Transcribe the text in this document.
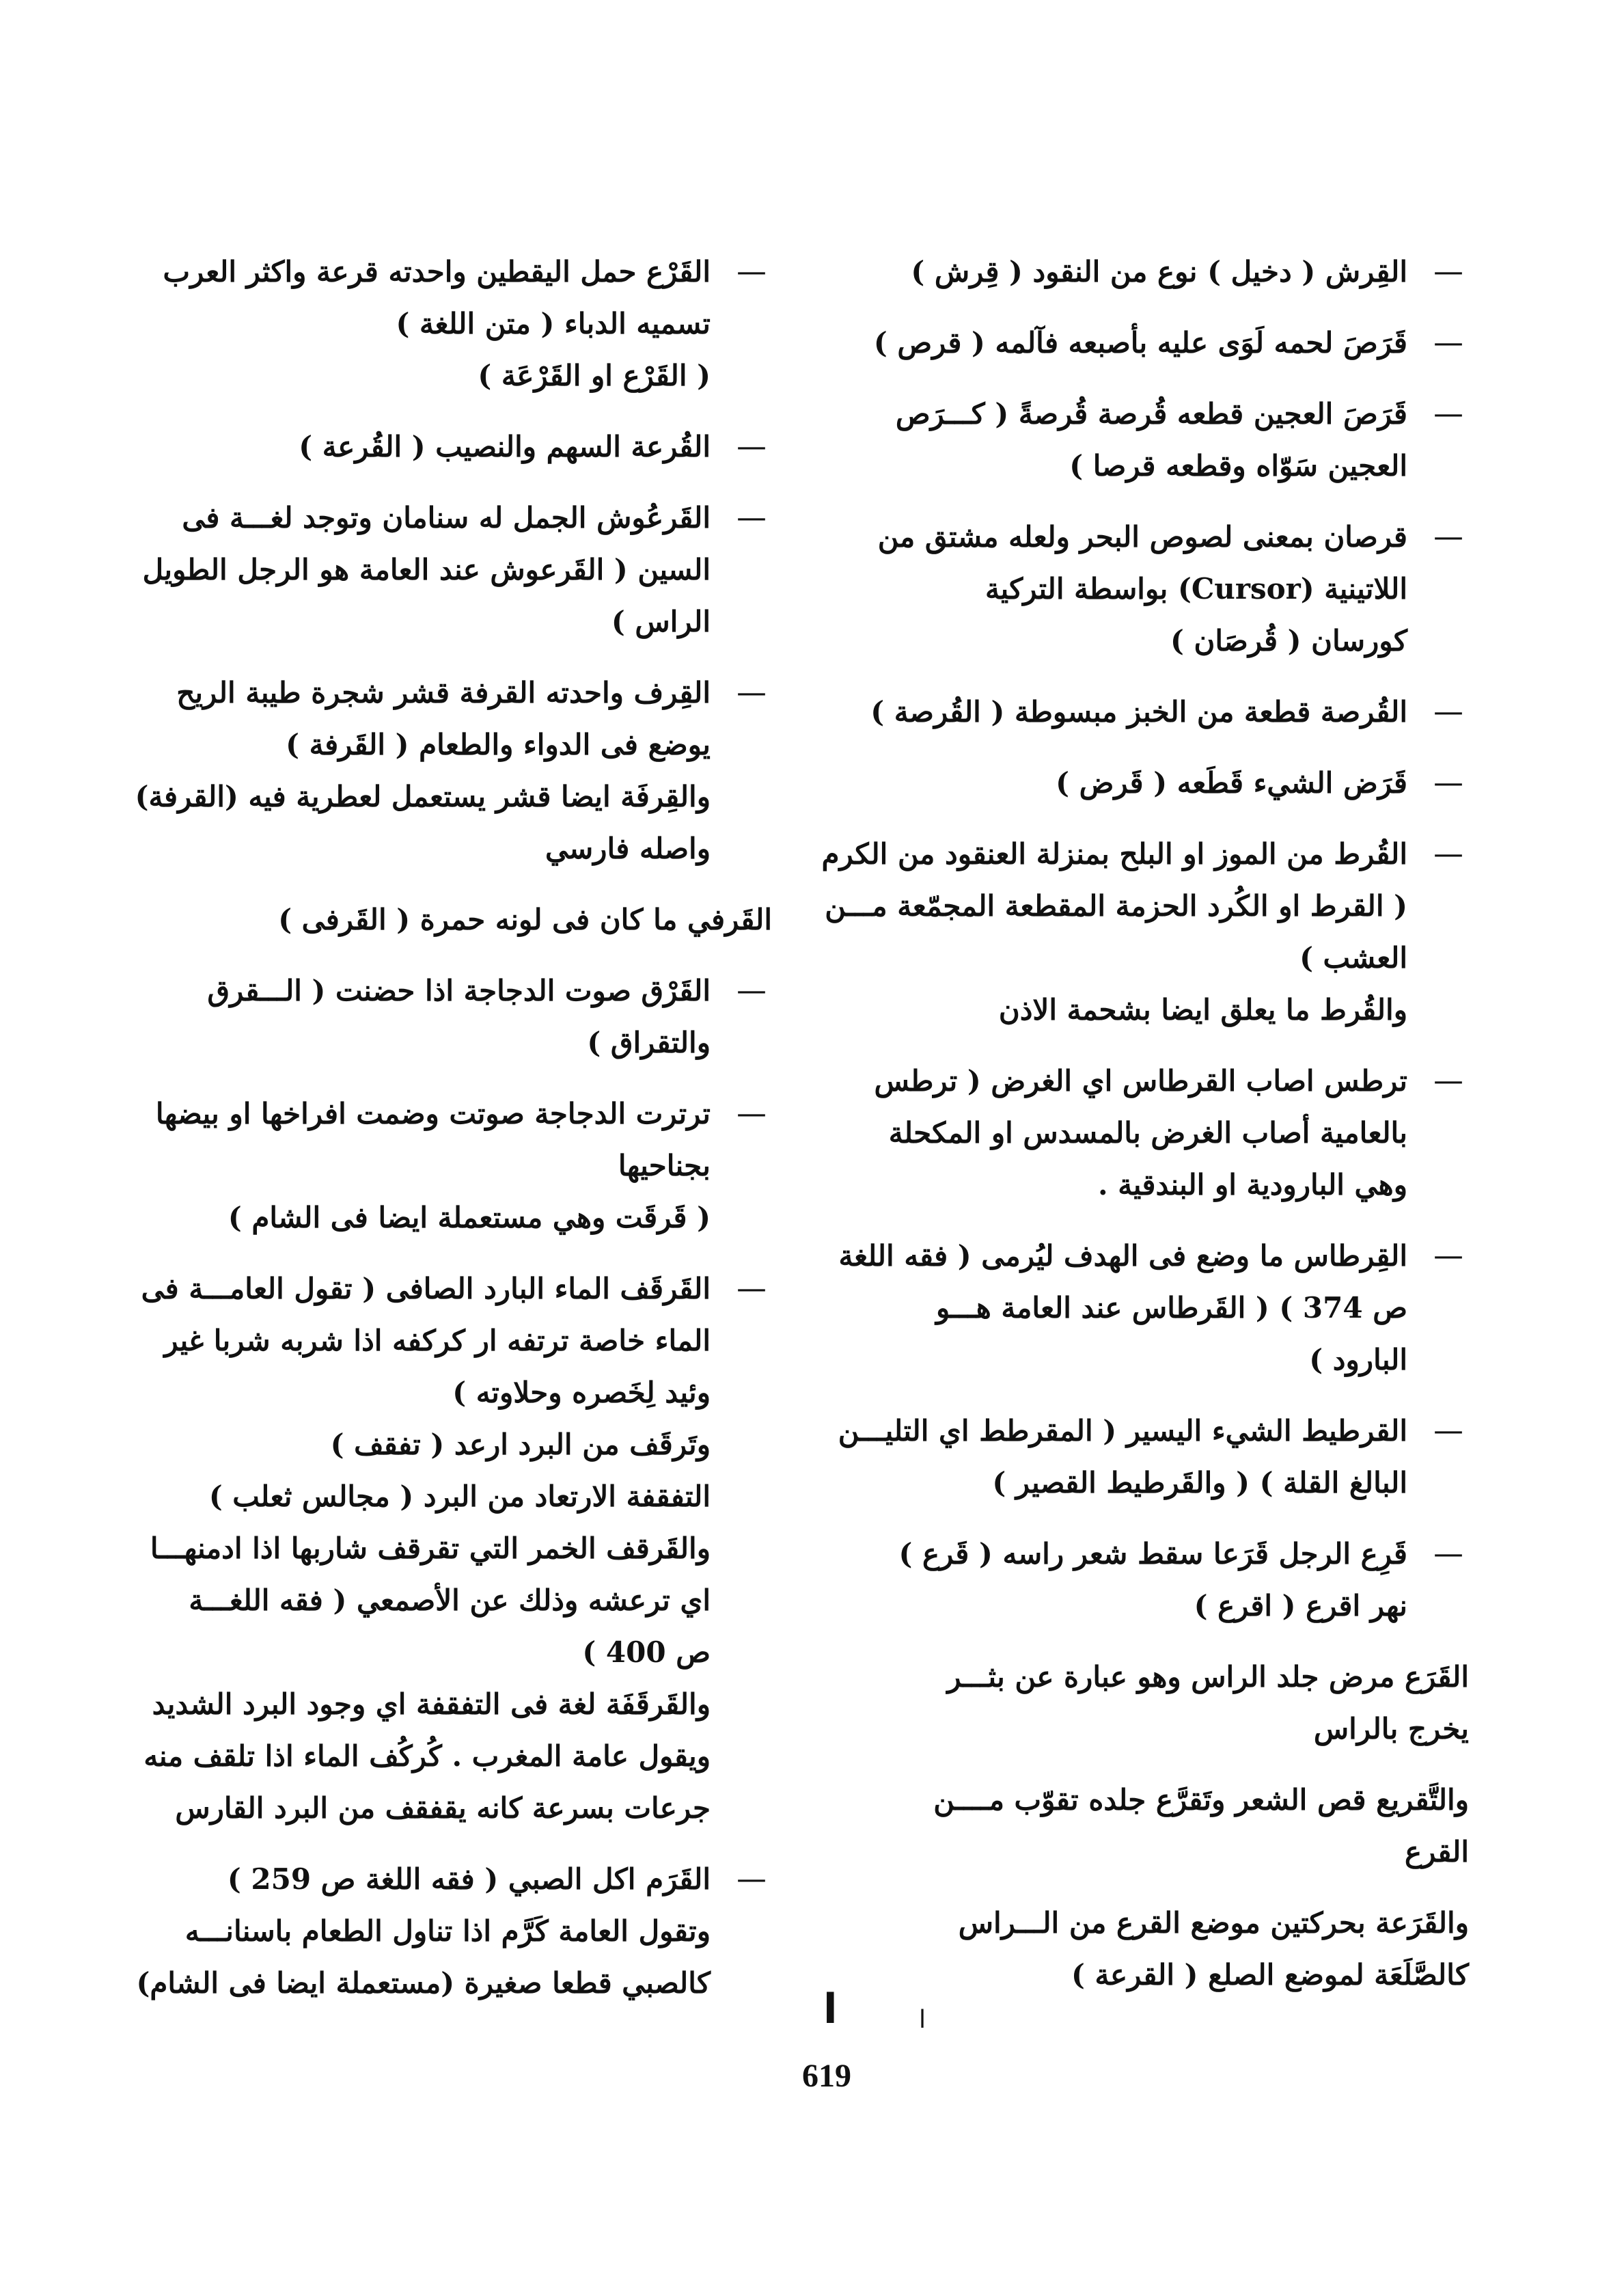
—
القِرش ( دخيل ) نوع من النقود ( قِرش )
—
قَرَصَ لحمه لَوَى عليه بأصبعه فآلمه ( قرص )
—
قَرَصَ العجين قطعه قُرصة قُرصةً ( كـــرَص
العجين سَوّاه وقطعه قرصا )
—
قرصان بمعنى لصوص البحر ولعله مشتق من
اللاتينية (Cursor) بواسطة التركية
كورسان ( قُرصَان )
—
القُرصة قطعة من الخبز مبسوطة ( القُرصة )
—
قَرَض الشيء قَطَعه ( قَرض )
—
القُرط من الموز او البلح بمنزلة العنقود من الكرم
( القرط او الكُرد الحزمة المقطعة المجمّعة مـــن
العشب )
والقُرط ما يعلق ايضا بشحمة الاذن
—
ترطس اصاب القرطاس اي الغرض ( ترطس
بالعامية أصاب الغرض بالمسدس او المكحلة
وهي البارودية او البندقية .
—
القِرطاس ما وضع فى الهدف ليُرمى ( فقه اللغة
ص 374 ) ( القَرطاس عند العامة هـــو
البارود )
—
القرطيط الشيء اليسير ( المقرطط اي التليـــن
البالغ القلة ) ( والقَرطيط القصير )
—
قَرِع الرجل قَرَعا سقط شعر راسه ( قَرع )
نهر اقرع ( اقرع )
القَرَع مرض جلد الراس وهو عبارة عن بثـــر
يخرج بالراس
والتَّقريع قص الشعر وتَقرَّع جلده تقوّب مــــن
القرع
والقَرَعة بحركتين موضع القرع من الـــراس
كالصَّلَعَة لموضع الصلع ( القرعة )
—
القَرْع حمل اليقطين واحدته قرعة واكثر العرب
تسميه الدباء ( متن اللغة )
( القَرْع او القَرْعَة )
—
القُرعة السهم والنصيب ( القُرعة )
—
القَرعُوش الجمل له سنامان وتوجد لغـــة فى
السين ( القَرعوش عند العامة هو الرجل الطويل
الراس )
—
القِرف واحدته القرفة قشر شجرة طيبة الريح
يوضع فى الدواء والطعام ( القَرفة )
والقِرفَة ايضا قشر يستعمل لعطرية فيه (القرفة)
واصله فارسي
القَرفي ما كان فى لونه حمرة ( القَرفى )
—
القَرْق صوت الدجاجة اذا حضنت ( الـــقرق
والتقراق )
—
ترترت الدجاجة صوتت وضمت افراخها او بيضها
بجناحيها
( قَرقَت وهي مستعملة ايضا فى الشام )
—
القَرقَف الماء البارد الصافى ( تقول العامـــة فى
الماء خاصة ترتفه ار كركفه اذا شربه شربا غير
وئيد لِخَصره وحلاوته )
وتَرقَف من البرد ارعد ( تفقف )
التفقفة الارتعاد من البرد ( مجالس ثعلب )
والقَرقف الخمر التي تقرقف شاربها اذا ادمنهـــا
اي ترعشه وذلك عن الأصمعي ( فقه اللغـــة
ص 400 )
والقَرقَفَة لغة فى التفقفة اي وجود البرد الشديد
ويقول عامة المغرب . كُركُف الماء اذا تلقف منه
جرعات بسرعة كانه يقفقف من البرد القارس
—
القَرَم اكل الصبي ( فقه اللغة ص 259 )
وتقول العامة كَرَّم اذا تناول الطعام باسنانـــه
كالصبي قطعا صغيرة (مستعملة ايضا فى الشام)
ا	ا
619
